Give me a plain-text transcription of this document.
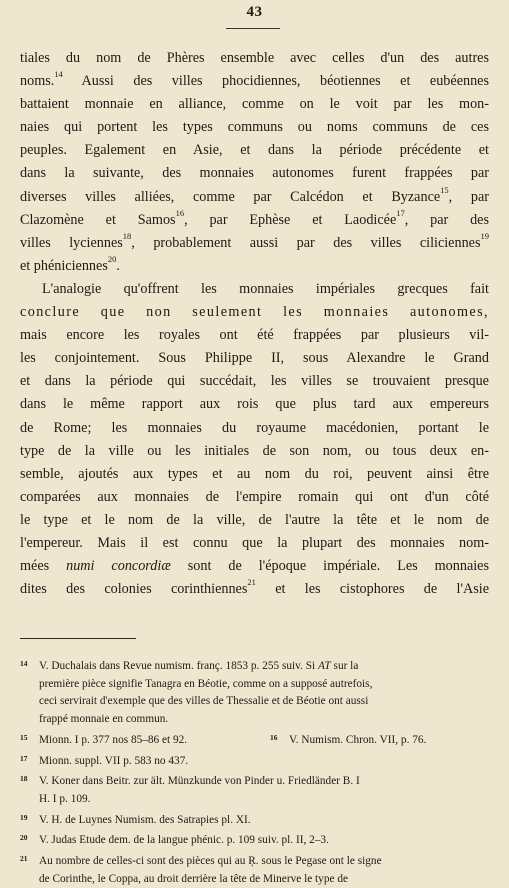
43
tiales du nom de Phères ensemble avec celles d'un des autres
noms.$^{14}$ Aussi des villes phocidiennes, béotiennes et eubéennes
battaient monnaie en alliance, comme on le voit par les mon-
naies qui portent les types communs ou noms communs de ces
peuples. Egalement en Asie, et dans la période précédente et
dans la suivante, des monnaies autonomes furent frappées par
diverses villes alliées, comme par Calcédon et Byzance$^{15}$, par
Clazomène et Samos$^{16}$, par Ephèse et Laodicée$^{17}$, par des
villes lyciennes$^{18}$, probablement aussi par des villes ciliciennes$^{19}$
et phéniciennes$^{20}$.
L'analogie qu'offrent les monnaies impériales grecques fait
conclure que non seulement les monnaies autonomes,
mais encore les royales ont été frappées par plusieurs vil-
les conjointement. Sous Philippe II, sous Alexandre le Grand
et dans la période qui succédait, les villes se trouvaient presque
dans le même rapport aux rois que plus tard aux empereurs
de Rome; les monnaies du royaume macédonien, portant le
type de la ville ou les initiales de son nom, ou tous deux en-
semble, ajoutés aux types et au nom du roi, peuvent ainsi être
comparées aux monnaies de l'empire romain qui ont d'un côté
le type et le nom de la ville, de l'autre la tête et le nom de
l'empereur. Mais il est connu que la plupart des monnaies nom-
mées numi concordiæ sont de l'époque impériale. Les monnaies
dites des colonies corinthiennes$^{21}$ et les cistophores de l'Asie
14 V. Duchalais dans Revue numism. franç. 1853 p. 255 suiv. Si AT sur la
première pièce signifie Tanagra en Béotie, comme on a supposé autrefois,
ceci servirait d'exemple que des villes de Thessalie et de Béotie ont aussi
frappé monnaie en commun.
15 Mionn. I p. 377 nos 85–86 et 92.	16 V. Numism. Chron. VII, p. 76.
17 Mionn. suppl. VII p. 583 no 437.
18 V. Koner dans Beitr. zur ält. Münzkunde von Pinder u. Friedländer B. I
H. I p. 109.
19 V. H. de Luynes Numism. des Satrapies pl. XI.
20 V. Judas Etude dem. de la langue phénic. p. 109 suiv. pl. II, 2–3.
21 Au nombre de celles-ci sont des pièces qui au Ŗ. sous le Pegase ont le signe
de Corinthe, le Coppa, au droit derrière la tête de Minerve le type de
